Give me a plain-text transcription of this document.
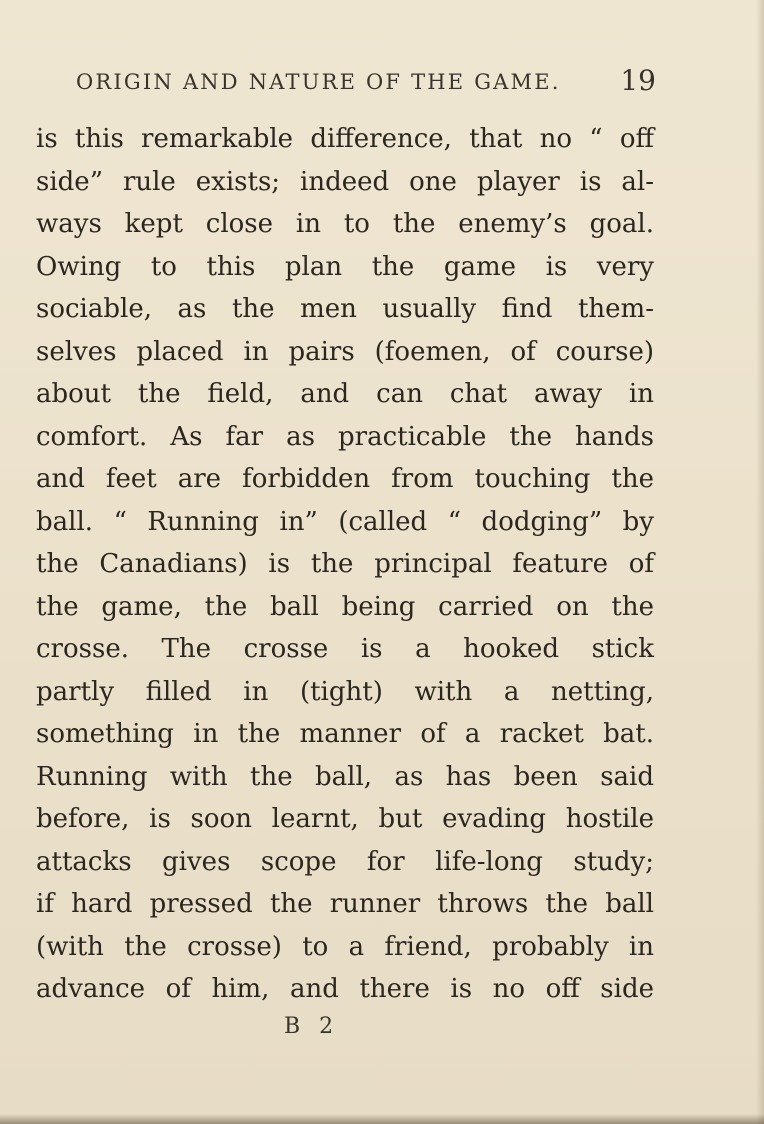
ORIGIN AND NATURE OF THE GAME. 19
is this remarkable difference, that no “ off
side” rule exists; indeed one player is al-
ways kept close in to the enemy’s goal.
Owing to this plan the game is very
sociable, as the men usually find them-
selves placed in pairs (foemen, of course)
about the field, and can chat away in
comfort. As far as practicable the hands
and feet are forbidden from touching the
ball. “ Running in” (called “ dodging” by
the Canadians) is the principal feature of
the game, the ball being carried on the
crosse. The crosse is a hooked stick
partly filled in (tight) with a netting,
something in the manner of a racket bat.
Running with the ball, as has been said
before, is soon learnt, but evading hostile
attacks gives scope for life-long study;
if hard pressed the runner throws the ball
(with the crosse) to a friend, probably in
advance of him, and there is no off side
B 2
